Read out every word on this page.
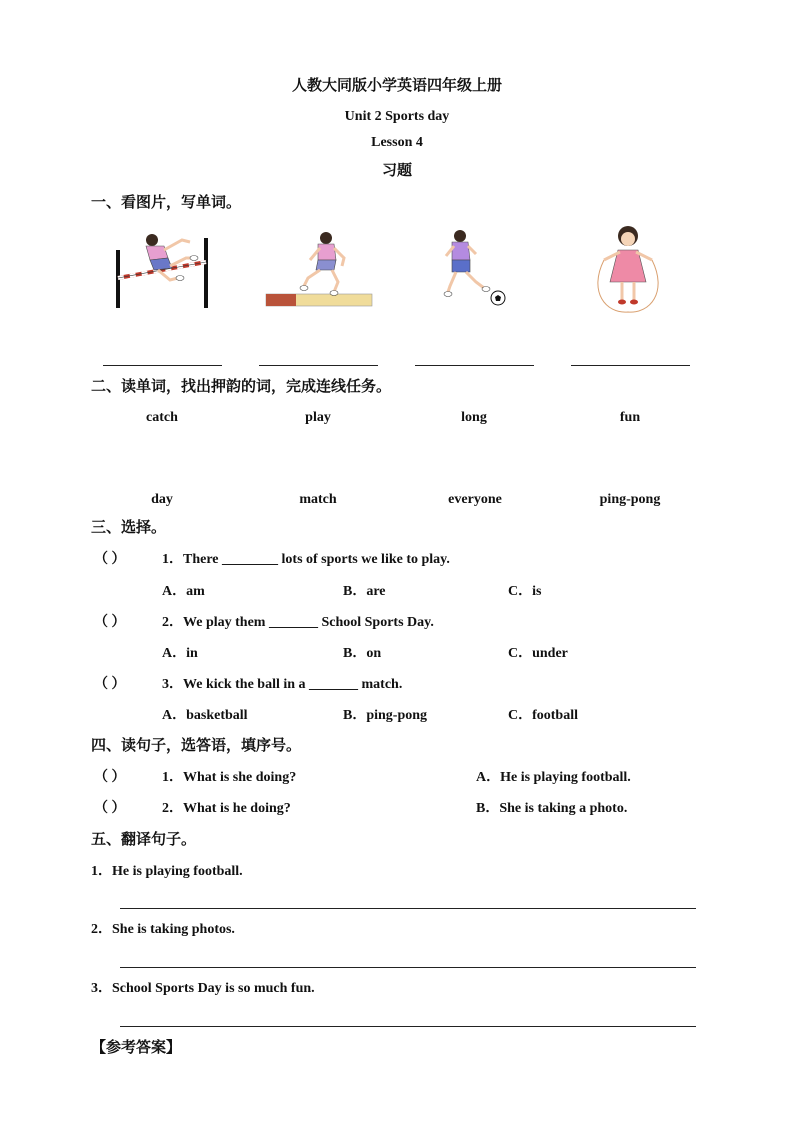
人教大同版小学英语四年级上册
Unit 2 Sports day
Lesson 4
习题
一、看图片，写单词。
二、读单词，找出押韵的词，完成连线任务。
catch	play	long	fun
day	match	everyone	ping-pong
三、选择。
（ ）	1．There ________ lots of sports we like to play.
A．am	B．are	C．is
（ ）	2．We play them _______ School Sports Day.
A．in	B．on	C．under
（ ）	3．We kick the ball in a _______ match.
A．basketball	B．ping-pong	C．football
四、读句子，选答语，填序号。
（ ）	1．What is she doing?	A．He is playing football.
（ ）	2．What is he doing?	B．She is taking a photo.
五、翻译句子。
1．He is playing football.
2．She is taking photos.
3．School Sports Day is so much fun.
【参考答案】
